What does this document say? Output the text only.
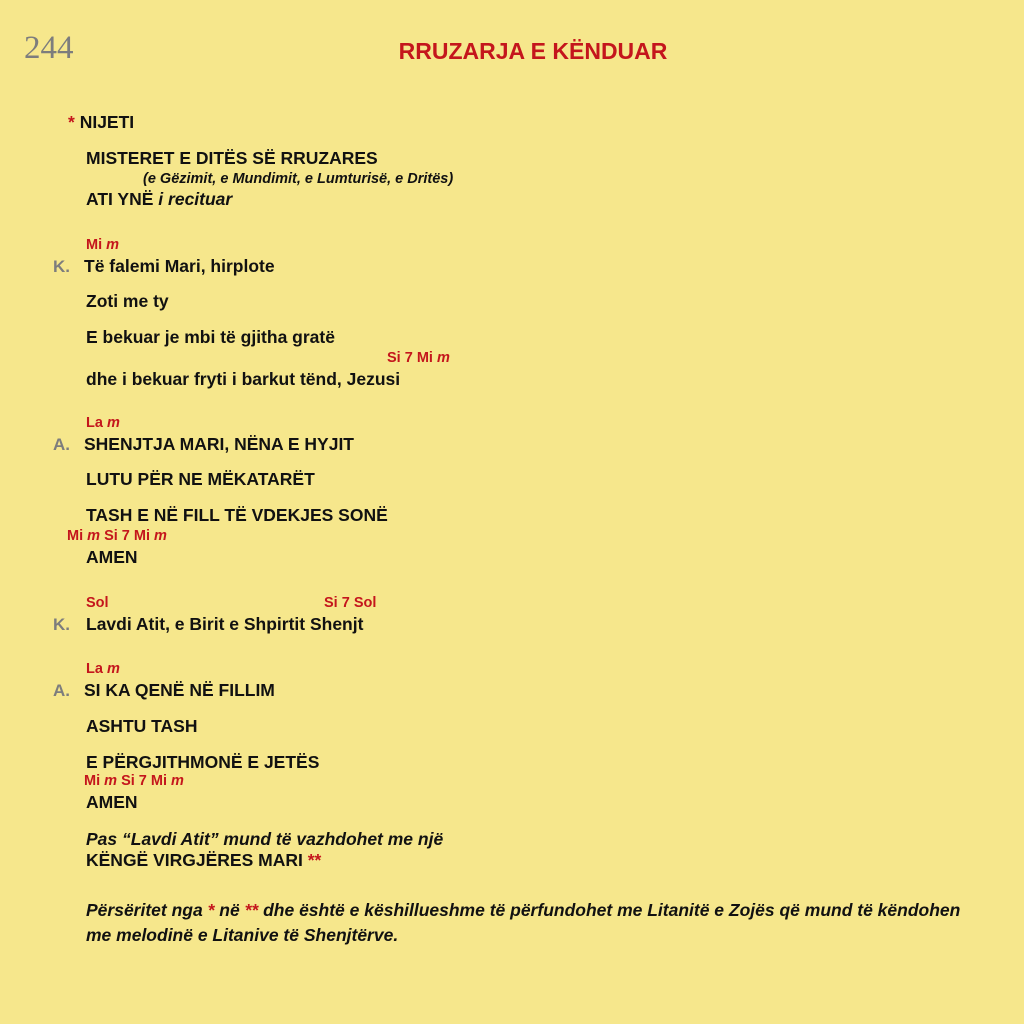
244	RRUZARJA E KËNDUAR
* NIJETI
MISTERET E DITËS SË RRUZARES
(e Gëzimit, e Mundimit, e Lumturisë, e Dritës)
ATI YNË i recituar
Mi m
K. Të falemi Mari, hirplote
Zoti me ty
E bekuar je mbi të gjitha gratë
Si 7 Mi m
dhe i bekuar fryti i barkut tënd, Jezusi
La m
A. SHENJTJA MARI, NËNA E HYJIT
LUTU PËR NE MËKATARËT
TASH E NË FILL TË VDEKJES SONË
Mi m Si 7 Mi m
AMEN
Sol	Si 7 Sol
K. Lavdi Atit, e Birit e Shpirtit Shenjt
La m
A. SI KA QENË NË FILLIM
ASHTU TASH
E PËRGJITHMONË E JETËS
Mi m Si 7 Mi m
AMEN
Pas “Lavdi Atit” mund të vazhdohet me një
KËNGË VIRGJËRES MARI **
Përsëritet nga * në ** dhe është e këshillueshme të përfundohet me Litanitë e Zojës që mund të këndohen me melodinë e Litanive të Shenjtërve.
